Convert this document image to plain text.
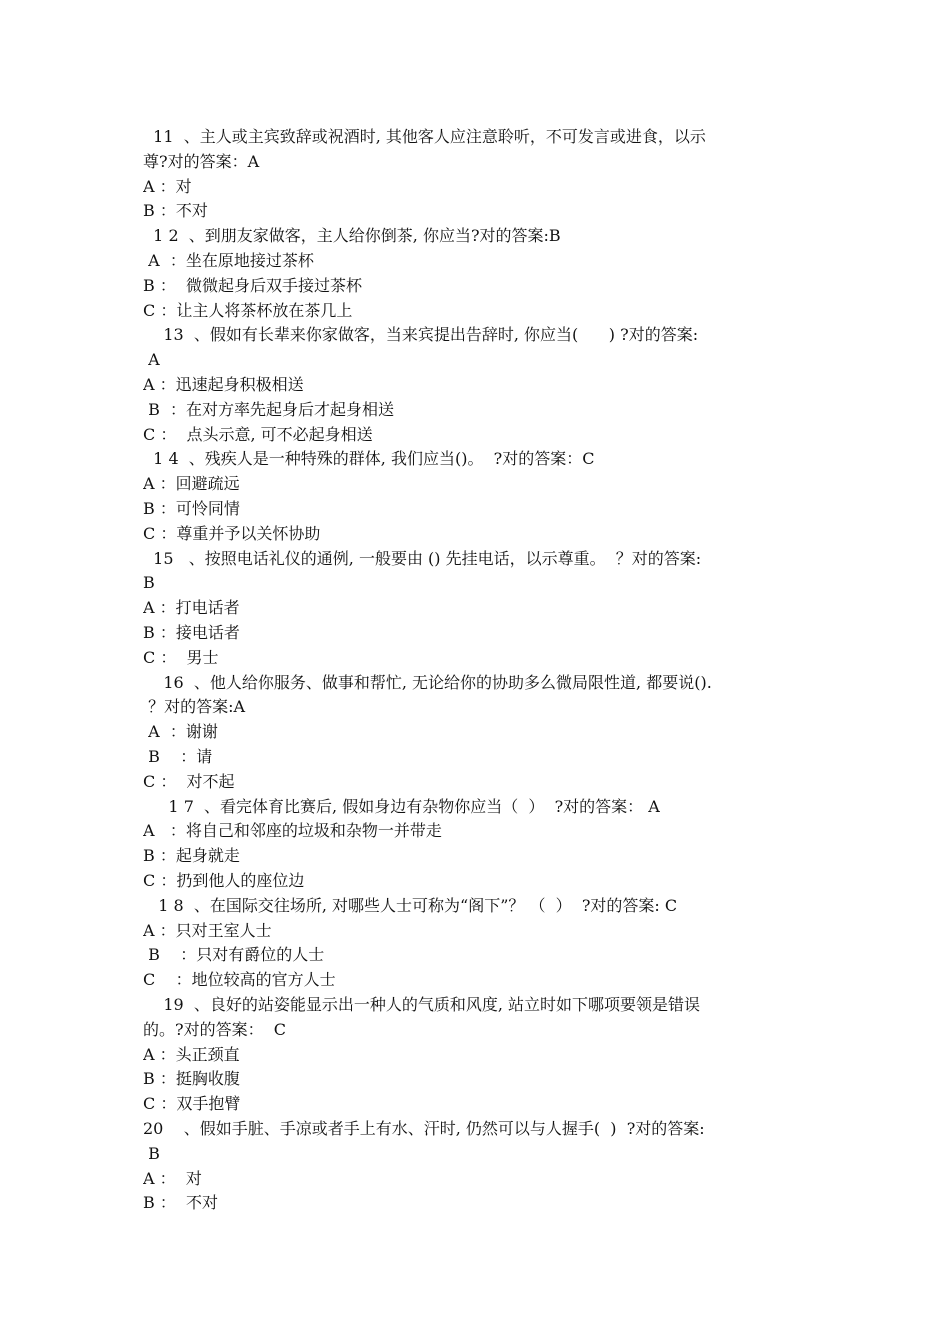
11  、主人或主宾致辞或祝酒时, 其他客人应注意聆听，不可发言或进食，以示
尊?对的答案：A
A ：对
B ：不对
1 2  、到朋友家做客，主人给你倒茶, 你应当?对的答案:B
A  ：坐在原地接过茶杯
B ：  微微起身后双手接过茶杯
C ：让主人将茶杯放在茶几上
13  、假如有长辈来你家做客，当来宾提出告辞时, 你应当(      ) ?对的答案:
A
A ：迅速起身积极相送
B  ：在对方率先起身后才起身相送
C ：  点头示意, 可不必起身相送
1 4  、残疾人是一种特殊的群体, 我们应当()。  ?对的答案：C
A ：回避疏远
B ：可怜同情
C ：尊重并予以关怀协助
15   、按照电话礼仪的通例, 一般要由 () 先挂电话，以示尊重。  ？对的答案:
B
A ：打电话者
B ：接电话者
C ：  男士
16  、他人给你服务、做事和帮忙, 无论给你的协助多么微局限性道, 都要说().
？对的答案:A
A  ：谢谢
B    ：请
C ：  对不起
1 7  、看完体育比赛后, 假如身边有杂物你应当（  ）  ?对的答案： A
A   ：将自己和邻座的垃圾和杂物一并带走
B ：起身就走
C ：扔到他人的座位边
1 8  、在国际交往场所, 对哪些人士可称为“阁下”？ （  ）  ?对的答案: C
A ：只对王室人士
B    ：只对有爵位的人士
C    ：地位较高的官方人士
19  、良好的站姿能显示出一种人的气质和风度, 站立时如下哪项要领是错误
的。?对的答案：  C
A ：头正颈直
B ：挺胸收腹
C ：双手抱臂
20    、假如手脏、手凉或者手上有水、汗时, 仍然可以与人握手(  )  ?对的答案:
B
A ：  对
B ：  不对
